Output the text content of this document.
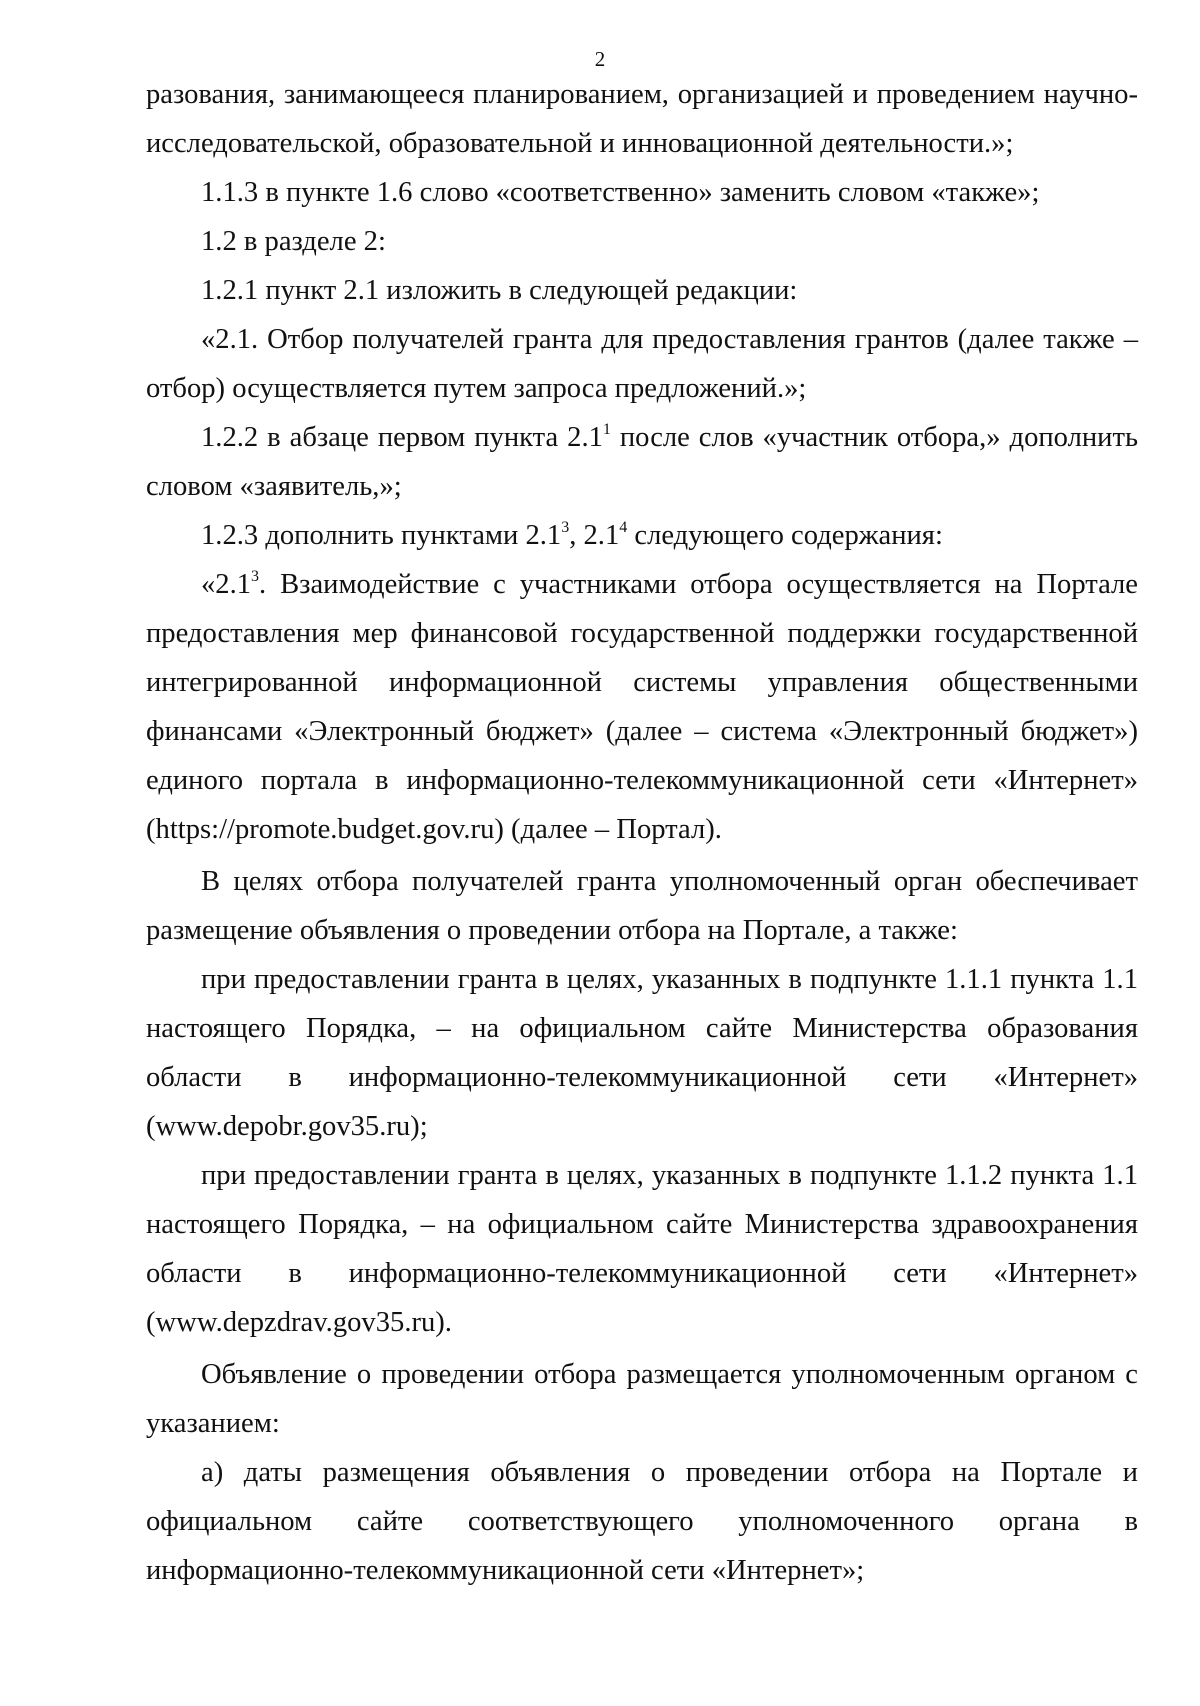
2

разования, занимающееся планированием, организацией и проведением научно-исследовательской, образовательной и инновационной деятельности.»;

1.1.3 в пункте 1.6 слово «соответственно» заменить словом «также»;

1.2 в разделе 2:

1.2.1 пункт 2.1 изложить в следующей редакции:

«2.1. Отбор получателей гранта для предоставления грантов (далее также – отбор) осуществляется путем запроса предложений.»;

1.2.2 в абзаце первом пункта $2.1^1$ после слов «участник отбора,» дополнить словом «заявитель,»;

1.2.3 дополнить пунктами $2.1^3$, $2.1^4$ следующего содержания:

«$2.1^3$. Взаимодействие с участниками отбора осуществляется на Портале предоставления мер финансовой государственной поддержки государственной интегрированной информационной системы управления общественными финансами «Электронный бюджет» (далее – система «Электронный бюджет») единого портала в информационно-телекоммуникационной сети «Интернет» (https://promote.budget.gov.ru) (далее – Портал).

В целях отбора получателей гранта уполномоченный орган обеспечивает размещение объявления о проведении отбора на Портале, а также:

при предоставлении гранта в целях, указанных в подпункте 1.1.1 пункта 1.1 настоящего Порядка, – на официальном сайте Министерства образования области в информационно-телекоммуникационной сети «Интернет» (www.depobr.gov35.ru);

при предоставлении гранта в целях, указанных в подпункте 1.1.2 пункта 1.1 настоящего Порядка, – на официальном сайте Министерства здравоохранения области в информационно-телекоммуникационной сети «Интернет» (www.depzdrav.gov35.ru).

Объявление о проведении отбора размещается уполномоченным органом с указанием:

а) даты размещения объявления о проведении отбора на Портале и официальном сайте соответствующего уполномоченного органа в информационно-телекоммуникационной сети «Интернет»;
